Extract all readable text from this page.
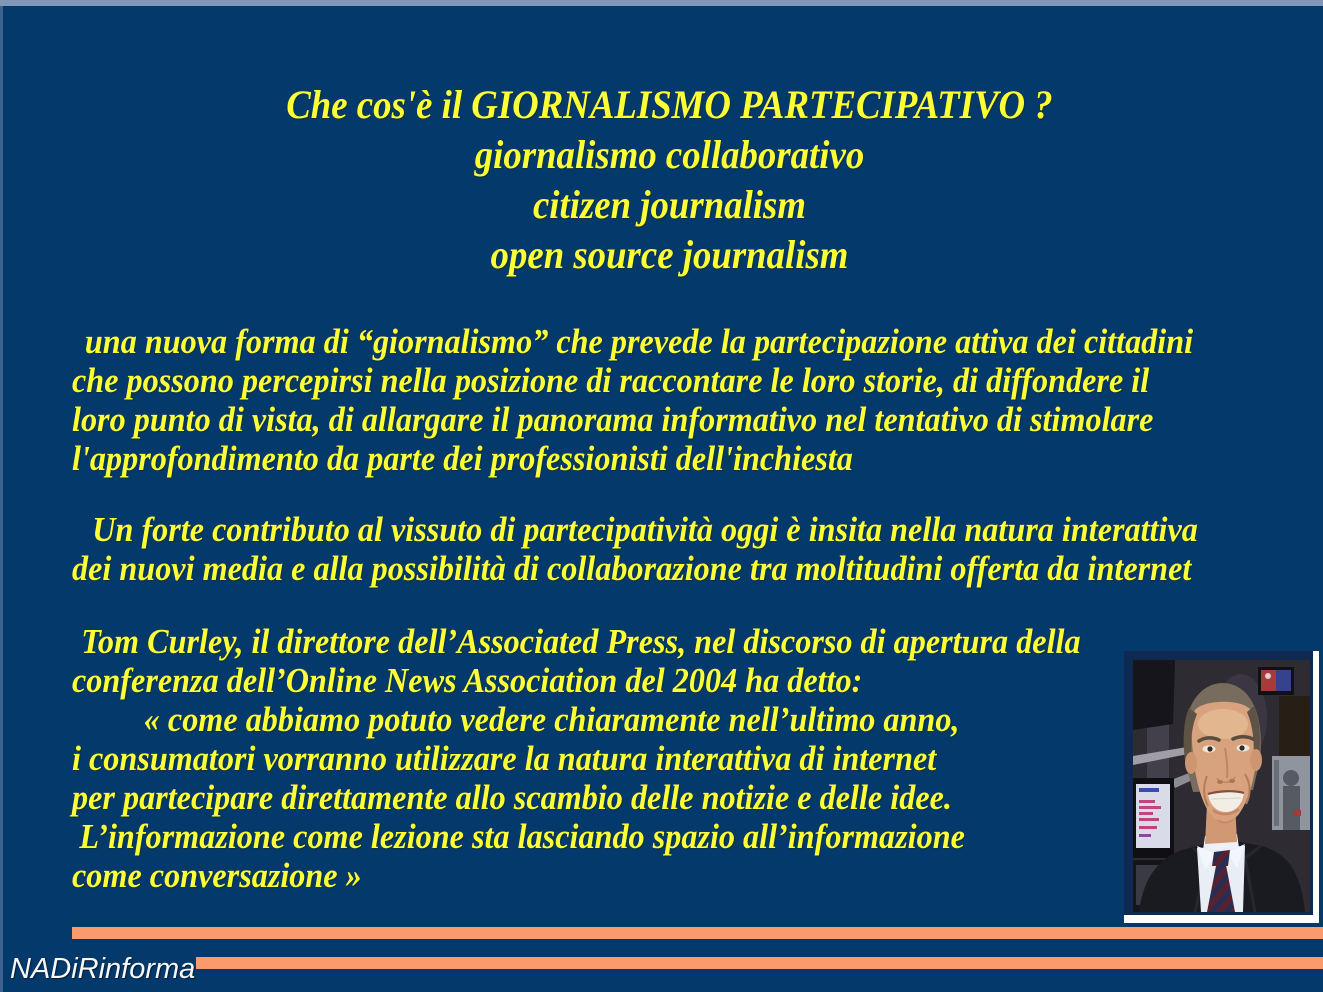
Che cos'è il GIORNALISMO PARTECIPATIVO ?
giornalismo collaborativo
citizen journalism
open source journalism

una nuova forma di “giornalismo” che prevede la partecipazione attiva dei cittadini
che possono percepirsi nella posizione di raccontare le loro storie, di diffondere il
loro punto di vista, di allargare il panorama informativo nel tentativo di stimolare
l'approfondimento da parte dei professionisti dell'inchiesta

Un forte contributo al vissuto di partecipatività oggi è insita nella natura interattiva
dei nuovi media e alla possibilità di collaborazione tra moltitudini offerta da internet

Tom Curley, il direttore dell’Associated Press, nel discorso di apertura della
conferenza dell’Online News Association del 2004 ha detto:
« come abbiamo potuto vedere chiaramente nell’ultimo anno,
i consumatori vorranno utilizzare la natura interattiva di internet
per partecipare direttamente allo scambio delle notizie e delle idee.
L’informazione come lezione sta lasciando spazio all’informazione
come conversazione »

NADiRinforma
